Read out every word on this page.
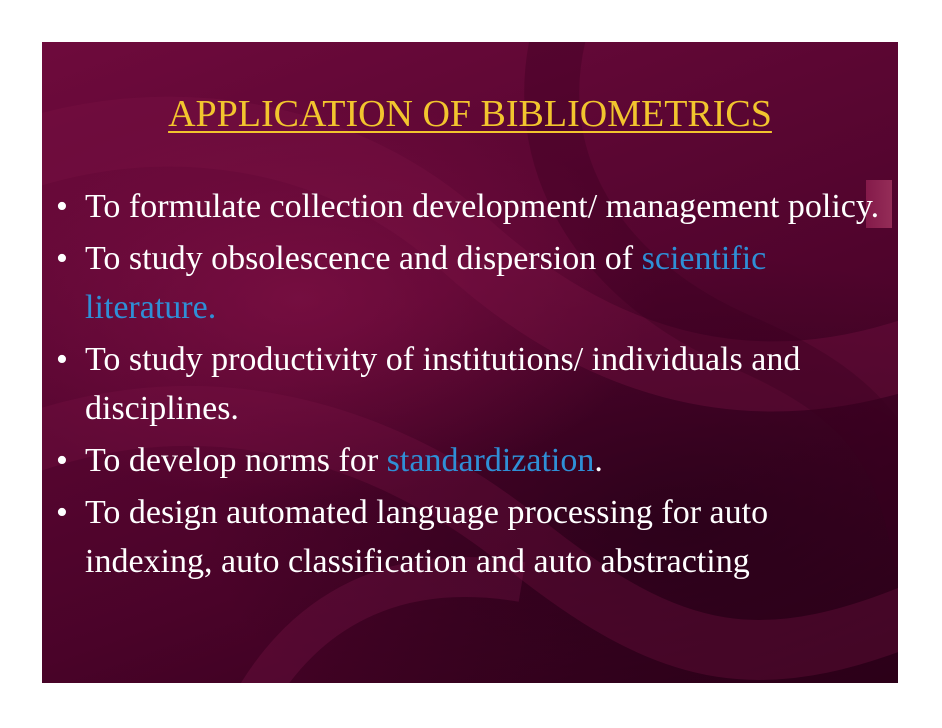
APPLICATION OF BIBLIOMETRICS
• To formulate collection development/ management policy.
• To study obsolescence and dispersion of scientific literature.
• To study productivity of institutions/ individuals and disciplines.
• To develop norms for standardization.
• To design automated language processing for auto indexing, auto classification and auto abstracting
